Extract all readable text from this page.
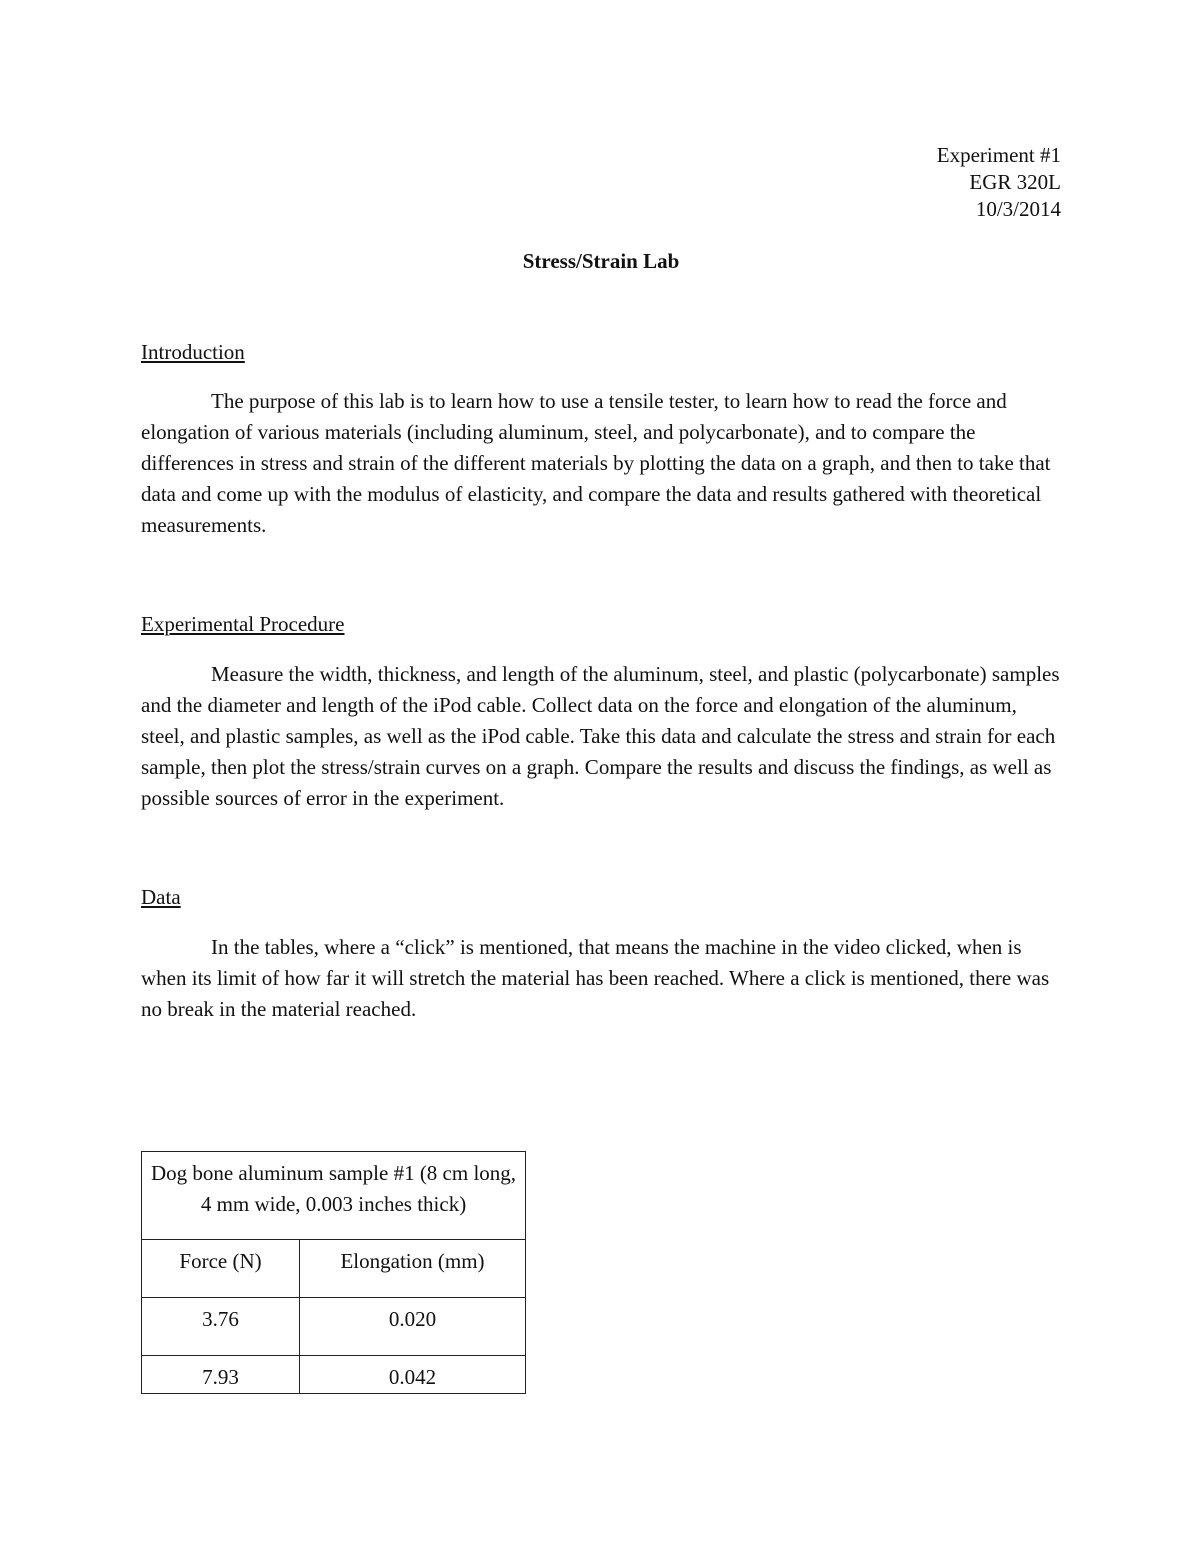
Experiment #1
EGR 320L
10/3/2014
Stress/Strain Lab
Introduction

The purpose of this lab is to learn how to use a tensile tester, to learn how to read the force and elongation of various materials (including aluminum, steel, and polycarbonate), and to compare the differences in stress and strain of the different materials by plotting the data on a graph, and then to take that data and come up with the modulus of elasticity, and compare the data and results gathered with theoretical measurements.

Experimental Procedure

Measure the width, thickness, and length of the aluminum, steel, and plastic (polycarbonate) samples and the diameter and length of the iPod cable. Collect data on the force and elongation of the aluminum, steel, and plastic samples, as well as the iPod cable. Take this data and calculate the stress and strain for each sample, then plot the stress/strain curves on a graph. Compare the results and discuss the findings, as well as possible sources of error in the experiment.

Data

In the tables, where a “click” is mentioned, that means the machine in the video clicked, when is when its limit of how far it will stretch the material has been reached. Where a click is mentioned, there was no break in the material reached.

Dog bone aluminum sample #1 (8 cm long, 4 mm wide, 0.003 inches thick)	
Force (N)	Elongation (mm)
3.76	0.020
7.93	0.042
